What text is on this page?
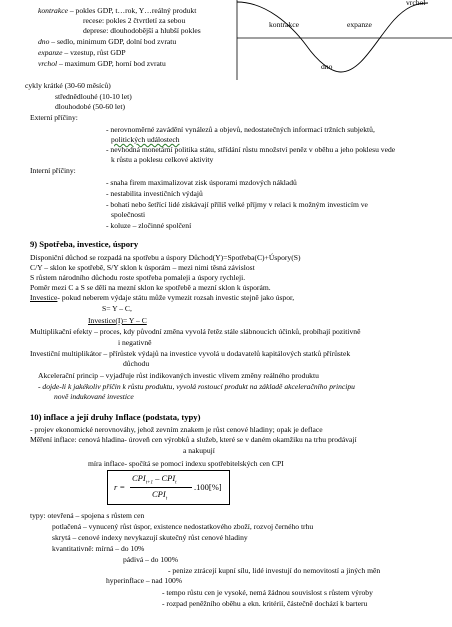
kontrakce – pokles GDP, t…rok, Y…reálný produkt
recese: pokles 2 čtvrtletí za sebou
deprese: dlouhodobější a hlubší pokles
dno – sedlo, minimum GDP, dolní bod zvratu
expanze – vzestup, růst GDP
vrchol – maximum GDP, horní bod zvratu
vrchol
kontrakce	expanze
dno
cykly krátké (30-60 měsíců)
střednědlouhé (10-10 let)
dlouhodobé (50-60 let)
Externí příčiny:
- nerovnoměrné zavádění vynálezů a objevů, nedostatečných informací tržních subjektů,
politických událostech
- nevhodná monetární politika státu, střídání růstu množství peněz v oběhu a jeho poklesu vede
k růstu a poklesu celkové aktivity
Interní příčiny:
- snaha firem maximalizovat zisk úsporami mzdových nákladů
- nestabilita investičních výdajů
- bohatí nebo šetřící lidé získávají příliš velké příjmy v relaci k možným investicím ve
společnosti
- koluze – zločinné spolčení
9) Spotřeba, investice, úspory
Disponiční důchod se rozpadá na spotřebu a úspory Důchod(Y)=Spotřeba(C)+Úspory(S)
C/Y – sklon ke spotřebě, S/Y sklon k úsporám – mezi nimi těsná závislost
S růstem národního důchodu roste spotřeba pomaleji a úspory rychleji.
Poměr mezi C a S se dělí na mezní sklon ke spotřebě a mezní sklon k úsporám.
Investice- pokud neberem výdaje státu může vymezit rozsah investic stejně jako úspor,
S= Y – C,
Investice(I)= Y – C
Multiplikační efekty – proces, kdy původní změna vyvolá řetěz stále slábnoucích účinků, probíhají pozitivně
i negativně
Investiční multiplikátor – přírůstek výdajů na investice vyvolá u dodavatelů kapitálových statků přírůstek
důchodu
Akcelerační princip – vyjadřuje růst indikovaných investic vlivem změny reálného produktu
- dojde-li k jakékoliv příčin k růstu produktu, vyvolá rostoucí produkt na základě akceleračního principu
nově indukované investice
10) inflace a její druhy Inflace (podstata, typy)
- projev ekonomické nerovnováhy, jehož zevním znakem je růst cenové hladiny; opak je deflace
Měření inflace: cenová hladina- úroveň cen výrobků a služeb, které se v daném okamžiku na trhu prodávají
a nakupují
míra inflace- spočítá se pomocí indexu spotřebitelských cen CPI
r =
$CPI_{t+1} - CPI_t$
$CPI_t$
.100[%]
typy: otevřená – spojena s růstem cen
potlačená – vynucený růst úspor, existence nedostatkového zboží, rozvoj černého trhu
skrytá – cenové indexy nevykazují skutečný růst cenové hladiny
kvantitativně: mírná – do 10%
pádivá – do 100%
- penize ztrácejí kupní sílu, lidé investují do nemovitostí a jiných měn
hyperinflace – nad 100%
- tempo růstu cen je vysoké, nemá žádnou souvislost s růstem výroby
- rozpad peněžního oběhu a ekn. kritérií, částečně dochází k barteru
